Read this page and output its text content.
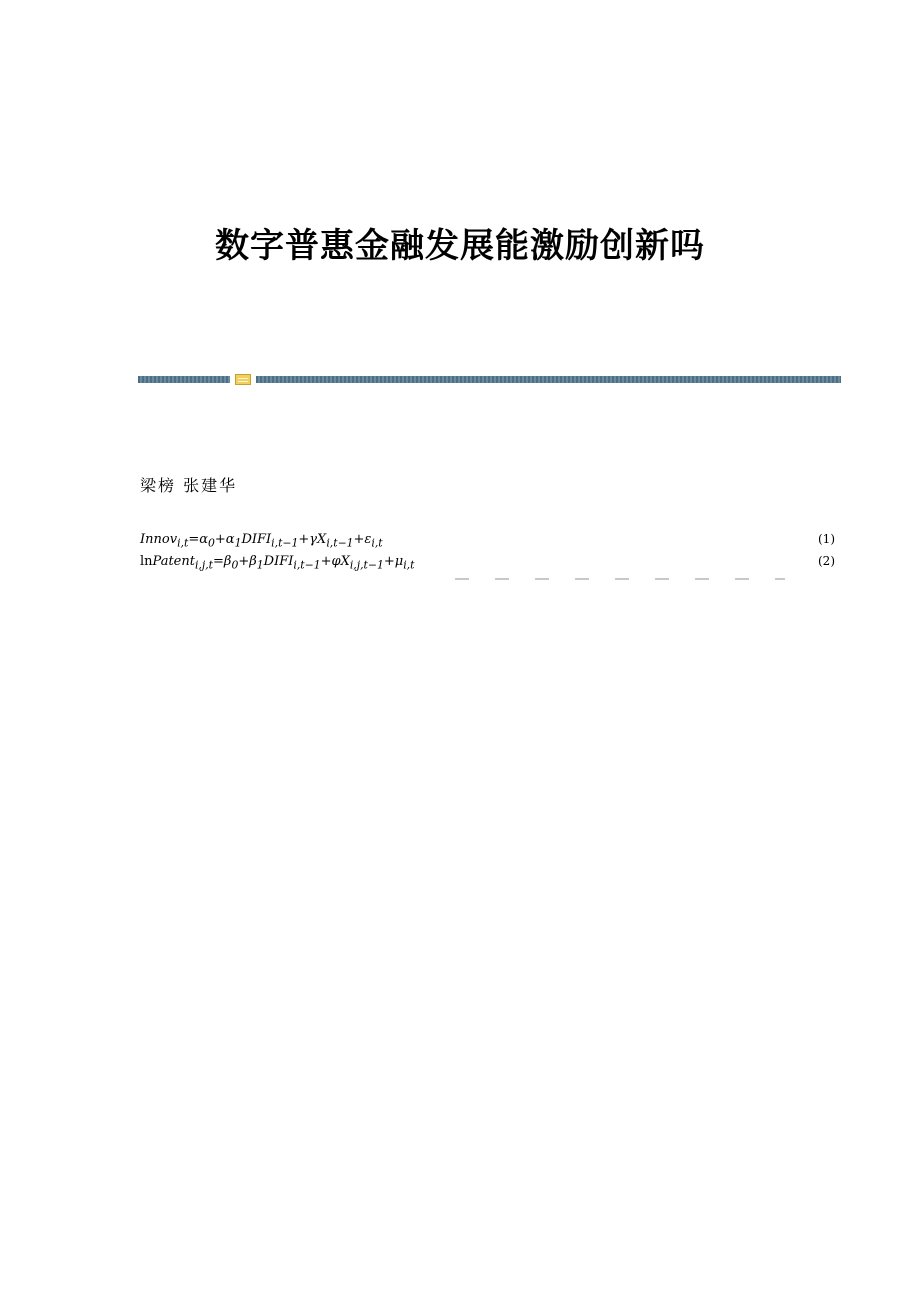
数字普惠金融发展能激励创新吗
梁榜 张建华
$Innov_{i,t}=\alpha_0+\alpha_1DIFI_{i,t-1}+\gamma X_{i,t-1}+\varepsilon_{i,t}$	(1)
$lnPatent_{i,j,t}=\beta_0+\beta_1DIFI_{i,t-1}+\varphi X_{i,j,t-1}+\mu_{i,t}$	(2)
